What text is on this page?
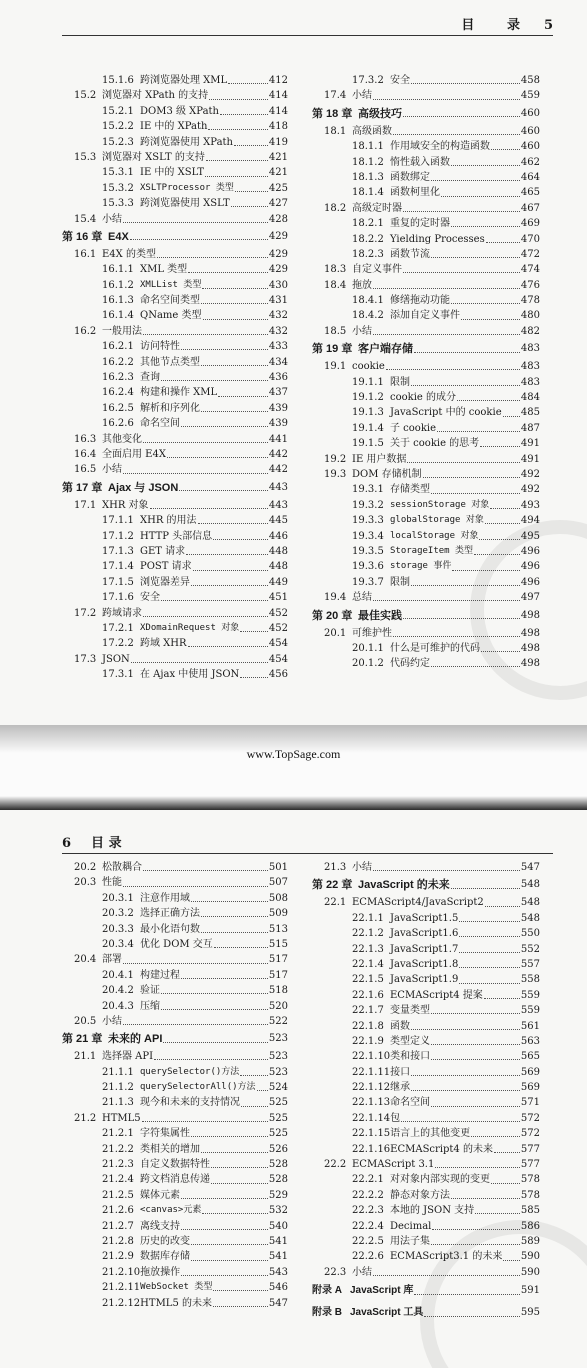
目 录 5
15.1.6 跨浏览器处理 XML	412
15.2 浏览器对 XPath 的支持	414
15.2.1 DOM3 级 XPath	414
15.2.2 IE 中的 XPath	418
15.2.3 跨浏览器使用 XPath	419
15.3 浏览器对 XSLT 的支持	421
15.3.1 IE 中的 XSLT	421
15.3.2 XSLTProcessor 类型	425
15.3.3 跨浏览器使用 XSLT	427
15.4 小结	428
第 16 章 E4X	429
16.1 E4X 的类型	429
16.1.1 XML 类型	429
16.1.2 XMLList 类型	430
16.1.3 命名空间类型	431
16.1.4 QName 类型	432
16.2 一般用法	432
16.2.1 访问特性	433
16.2.2 其他节点类型	434
16.2.3 查询	436
16.2.4 构建和操作 XML	437
16.2.5 解析和序列化	439
16.2.6 命名空间	439
16.3 其他变化	441
16.4 全面启用 E4X	442
16.5 小结	442
第 17 章 Ajax 与 JSON	443
17.1 XHR 对象	443
17.1.1 XHR 的用法	445
17.1.2 HTTP 头部信息	446
17.1.3 GET 请求	448
17.1.4 POST 请求	448
17.1.5 浏览器差异	449
17.1.6 安全	451
17.2 跨域请求	452
17.2.1 XDomainRequest 对象	452
17.2.2 跨域 XHR	454
17.3 JSON	454
17.3.1 在 Ajax 中使用 JSON	456
17.3.2 安全	458
17.4 小结	459
第 18 章 高级技巧	460
18.1 高级函数	460
18.1.1 作用域安全的构造函数	460
18.1.2 惰性载入函数	462
18.1.3 函数绑定	464
18.1.4 函数柯里化	465
18.2 高级定时器	467
18.2.1 重复的定时器	469
18.2.2 Yielding Processes	470
18.2.3 函数节流	472
18.3 自定义事件	474
18.4 拖放	476
18.4.1 修缮拖动功能	478
18.4.2 添加自定义事件	480
18.5 小结	482
第 19 章 客户端存储	483
19.1 cookie	483
19.1.1 限制	483
19.1.2 cookie 的成分	484
19.1.3 JavaScript 中的 cookie 485
19.1.4 子 cookie	487
19.1.5 关于 cookie 的思考	491
19.2 IE 用户数据	491
19.3 DOM 存储机制	492
19.3.1 存储类型	492
19.3.2 sessionStorage 对象	493
19.3.3 globalStorage 对象	494
19.3.4 localStorage 对象	495
19.3.5 StorageItem 类型	496
19.3.6 storage 事件	496
19.3.7 限制	496
19.4 总结	497
第 20 章 最佳实践	498
20.1 可维护性	498
20.1.1 什么是可维护的代码	498
20.1.2 代码约定	498
www.TopSage.com
6 目 录
20.2 松散耦合	501
20.3 性能	507
20.3.1 注意作用域	508
20.3.2 选择正确方法	509
20.3.3 最小化语句数	513
20.3.4 优化 DOM 交互	515
20.4 部署	517
20.4.1 构建过程	517
20.4.2 验证	518
20.4.3 压缩	520
20.5 小结	522
第 21 章 未来的 API	523
21.1 选择器 API	523
21.1.1 querySelector()方法	523
21.1.2 querySelectorAll()方法 524
21.1.3 现今和未来的支持情况	525
21.2 HTML5	525
21.2.1 字符集属性	525
21.2.2 类相关的增加	526
21.2.3 自定义数据特性	528
21.2.4 跨文档消息传递	528
21.2.5 媒体元素	529
21.2.6 <canvas>元素	532
21.2.7 离线支持	540
21.2.8 历史的改变	541
21.2.9 数据库存储	541
21.2.10 拖放操作	543
21.2.11 WebSocket 类型	546
21.2.12 HTML5 的未来	547
21.3 小结	547
第 22 章 JavaScript 的未来	548
22.1 ECMAScript4/JavaScript2	548
22.1.1 JavaScript1.5	548
22.1.2 JavaScript1.6	550
22.1.3 JavaScript1.7	552
22.1.4 JavaScript1.8	557
22.1.5 JavaScript1.9	558
22.1.6 ECMAScript4 提案	559
22.1.7 变量类型	559
22.1.8 函数	561
22.1.9 类型定义	563
22.1.10 类和接口	565
22.1.11 接口	569
22.1.12 继承	569
22.1.13 命名空间	571
22.1.14 包	572
22.1.15 语言上的其他变更	572
22.1.16 ECMAScript4 的未来	577
22.2 ECMAScript 3.1	577
22.2.1 对对象内部实现的变更	578
22.2.2 静态对象方法	578
22.2.3 本地的 JSON 支持	585
22.2.4 Decimal	586
22.2.5 用法子集	589
22.2.6 ECMAScript3.1 的未来 590
22.3 小结	590
附录 A JavaScript 库	591
附录 B JavaScript 工具	595
